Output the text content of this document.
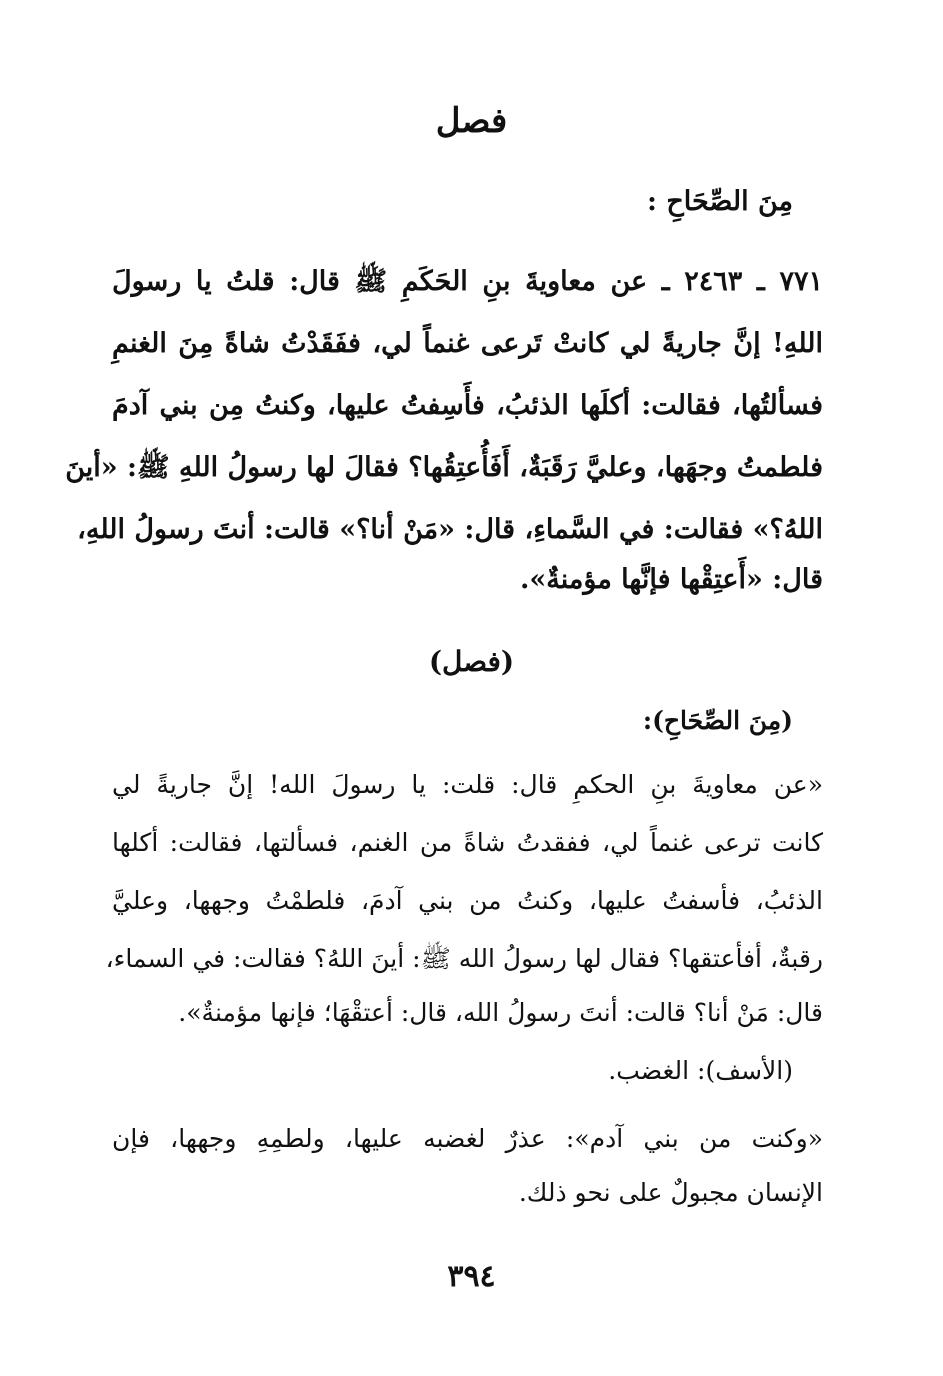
فصل
مِنَ الصِّحَاحِ :
٧٧١ ـ ٢٤٦٣ ـ عن معاويةَ بنِ الحَكَمِ ﷺ قال: قلتُ يا رسولَ
اللهِ! إنَّ جاريةً لي كانتْ تَرعى غنماً لي، ففَقَدْتُ شاةً مِنَ الغنمِ
فسألتُها، فقالت: أكلَها الذئبُ، فأَسِفتُ عليها، وكنتُ مِن بني آدمَ
فلطمتُ وجهَها، وعليَّ رَقَبَةٌ، أَفَأُعتِقُها؟ فقالَ لها رسولُ اللهِ ﷺ: «أينَ
اللهُ؟» فقالت: في السَّماءِ، قال: «مَنْ أنا؟» قالت: أنتَ رسولُ اللهِ،
قال: «أَعتِقْها فإنَّها مؤمنةٌ».
(فصل)
(مِنَ الصِّحَاحِ):
«عن معاويةَ بنِ الحكمِ قال: قلت: يا رسولَ الله! إنَّ جاريةً لي
كانت ترعى غنماً لي، ففقدتُ شاةً من الغنم، فسألتها، فقالت: أكلها
الذئبُ، فأسفتُ عليها، وكنتُ من بني آدمَ، فلطمْتُ وجهها، وعليَّ
رقبةٌ، أفأعتقها؟ فقال لها رسولُ الله ﷺ: أينَ اللهُ؟ فقالت: في السماء،
قال: مَنْ أنا؟ قالت: أنتَ رسولُ الله، قال: أعتقْهَا؛ فإنها مؤمنةٌ».
(الأسف): الغضب.
«وكنت من بني آدم»: عذرٌ لغضبه عليها، ولطمِهِ وجهها، فإن
الإنسان مجبولٌ على نحو ذلك.
٣٩٤
